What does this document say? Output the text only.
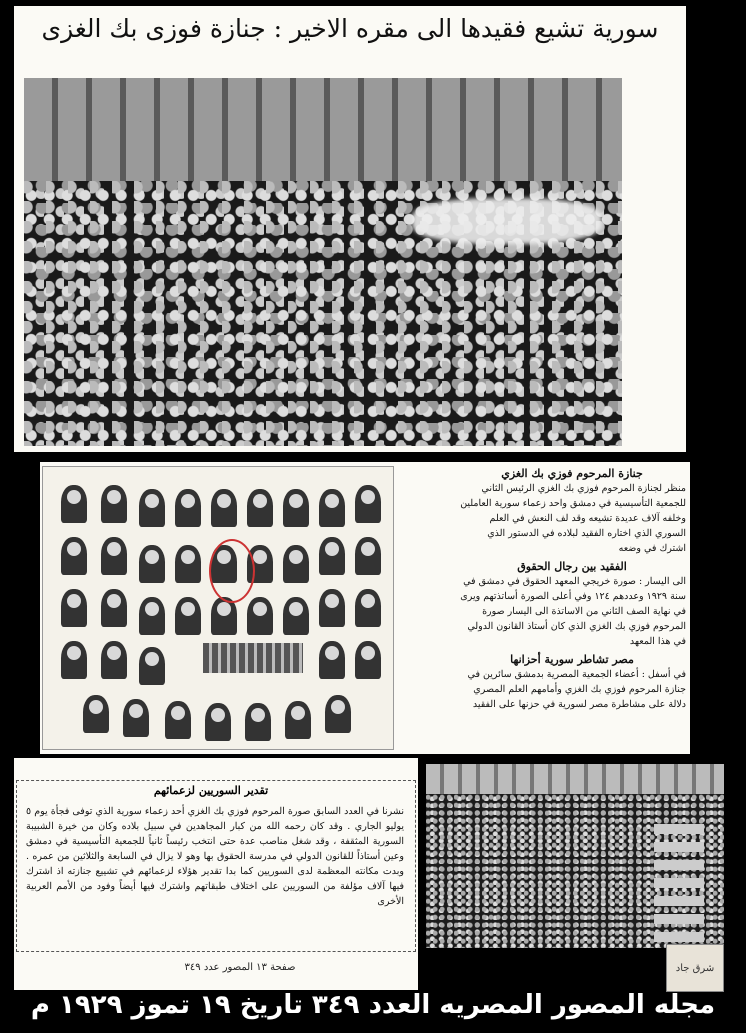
سورية تشيع فقيدها الى مقره الاخير : جنازة فوزى بك الغزى
جنازة المرحوم فوزي بك الغزي

منظر لجنازة المرحوم فوزي بك الغزي الرئيس الثاني للجمعية التأسيسية في دمشق واحد زعماء سورية العاملين وخلفه آلاف عديدة تشيعه وقد لف النعش في العلم السوري الذي اختاره الفقيد لبلاده في الدستور الذي اشترك في وضعه

الفقيد بين رجال الحقوق

الى اليسار : صورة خريجي المعهد الحقوق في دمشق في سنة ١٩٢٩ وعددهم ١٢٤ وفي أعلى الصورة أساتذتهم ويرى في نهاية الصف الثاني من الاساتذة الى اليسار صورة المرحوم فوزي بك الغزي الذي كان أستاذ القانون الدولي في هذا المعهد

مصر تشاطر سورية أحزانها

في أسفل : أعضاء الجمعية المصرية بدمشق سائرين في جنازة المرحوم فوزي بك الغزي وأمامهم العلم المصري دلالة على مشاطرة مصر لسورية في حزنها على الفقيد

تقدير السوريين لزعمائهم
نشرنا في العدد السابق صورة المرحوم فوزي بك الغزي أحد زعماء سورية الذي توفى فجأة يوم ٥ يوليو الجاري . وقد كان رحمه الله من كبار المجاهدين في سبيل بلاده وكان من خيرة الشبيبة السورية المثقفة ، وقد شغل مناصب عدة حتى انتخب رئيساً ثانياً للجمعية التأسيسية في دمشق وعين أستاذاً للقانون الدولي في مدرسة الحقوق بها وهو لا يزال في السابعة والثلاثين من عمره . وبدت مكانته المعظمة لدى السوريين كما بدا تقدير هؤلاء لزعمائهم في تشييع جنازته اذ اشترك فيها آلاف مؤلفة من السوريين على اختلاف طبقاتهم واشترك فيها أيضاً وفود من الأمم العربية الأخرى
صفحة ١٣ المصور عدد ٣٤٩	شرق جاد
مجله المصور المصريه العدد ٣٤٩ تاريخ ١٩ تموز ١٩٢٩ م
